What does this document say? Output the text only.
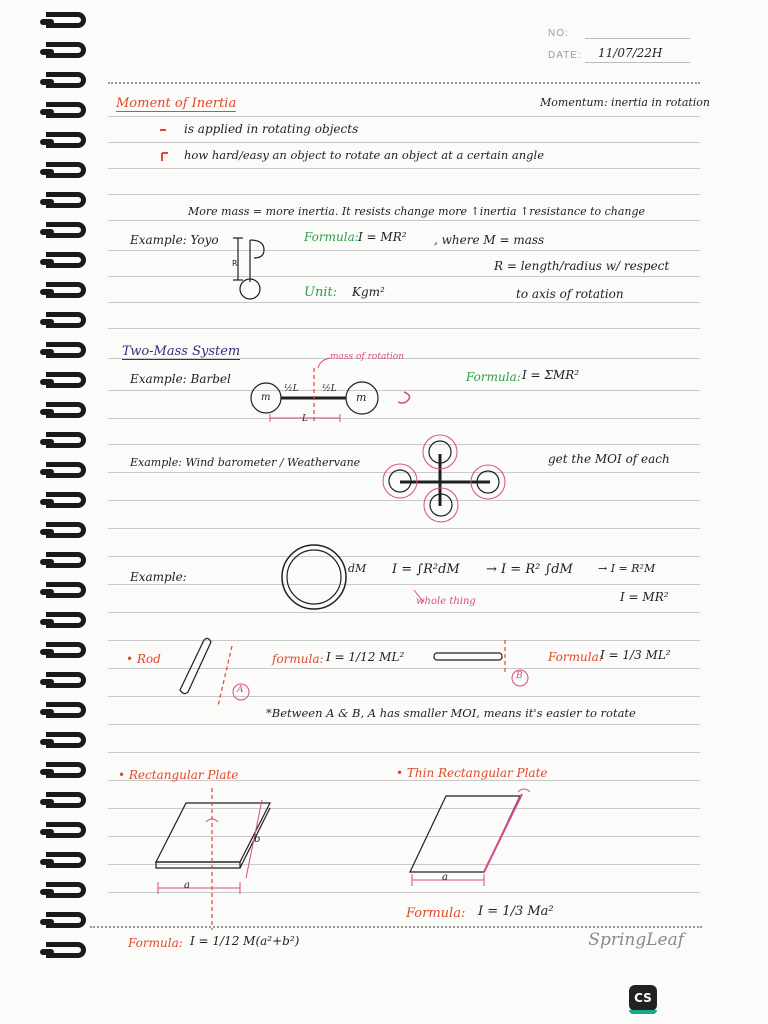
NO:
DATE: 11/07/22H
R
Moment of Inertia	Momentum: inertia in rotation
is applied in rotating objects
how hard/easy an object to rotate an object at a certain angle
More mass = more inertia. It resists change more ↑inertia ↑resistance to change
Example: Yoyo	Formula: I = MR² , where M = mass
R = length/radius w/ respect
Unit: Kgm²	to axis of rotation
Two-Mass System
Example: Barbel
mass of rotation
½L	½L
L
m	m
Formula: I = ΣMR²
Example: Wind barometer / Weathervane	get the MOI of each
Example:
dM I = ∫R²dM → I = R² ∫dM → I = R²M
whole thing	I = MR²
• Rod	formula: I = 1/12 ML²
A
Formula:
I = 1/3 ML²
B
*Between A & B, A has smaller MOI, means it's easier to rotate
• Rectangular Plate
a
b
Formula: I = 1/12 M(a²+b²)
• Thin Rectangular Plate
a
Formula: I = 1/3 Ma²
SpringLeaf
CS
